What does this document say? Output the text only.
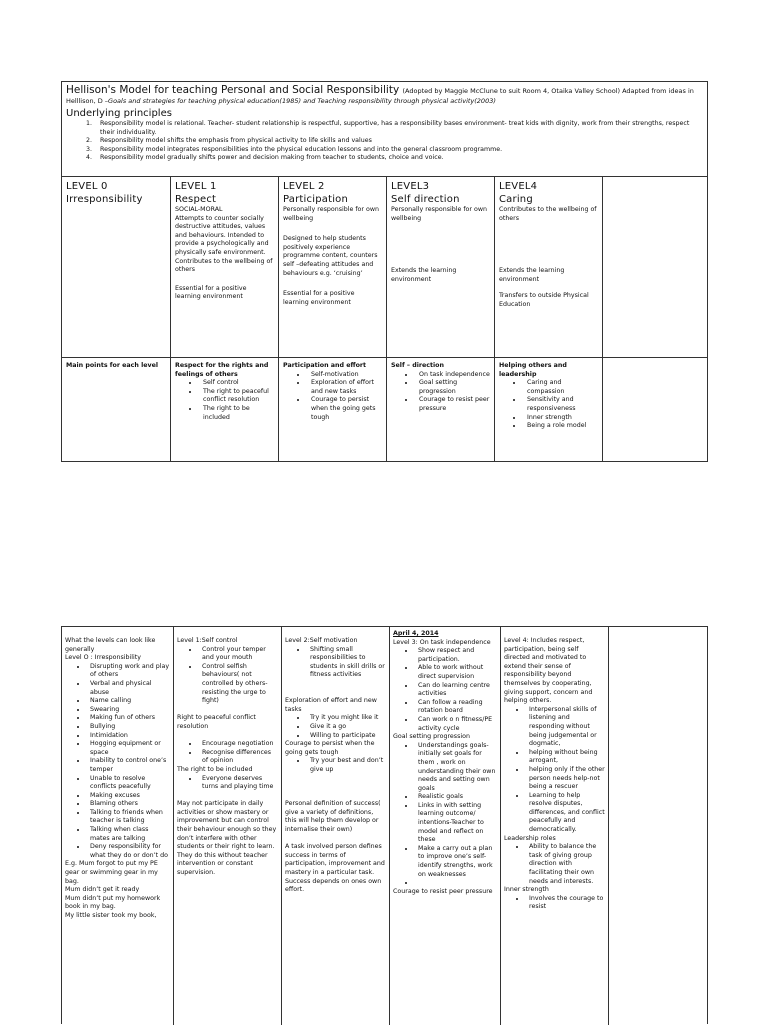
Hellison's Model for teaching Personal and Social Responsibility (Adopted by Maggie McClune to suit Room 4, Otaika Valley School) Adapted from ideas in
Helllison, D –Goals and strategies for teaching physical education(1985) and Teaching responsibility through physical activity(2003)
Underlying principles
1. Responsibility model is relational. Teacher- student relationship is respectful, supportive, has a responsibility bases environment- treat kids with dignity, work from their strengths, respect their individuality.
2. Responsibility model shifts the emphasis from physical activity to life skills and values
3. Responsibility model integrates responsibilities into the physical education lessons and into the general classroom programme.
4. Responsibility model gradually shifts power and decision making from teacher to students, choice and voice.
LEVEL 0
Irresponsibility
LEVEL 1
Respect
SOCIAL-MORAL
Attempts to counter socially destructive attitudes, values and behaviours. Intended to provide a psychologically and physically safe environment.
Contributes to the wellbeing of others
Essential for a positive learning environment
LEVEL 2
Participation
Personally responsible for own wellbeing
Designed to help students positively experience programme content, counters self –defeating attitudes and behaviours e.g. ‘cruising’
Essential for a positive learning environment
LEVEL3
Self direction
Personally responsible for own wellbeing
Extends the learning environment
LEVEL4
Caring
Contributes to the wellbeing of others
Extends the learning environment
Transfers to outside Physical Education
Main points for each level	Respect for the rights and feelings of others
• Self control
• The right to peaceful conflict resolution
• The right to be included
Participation and effort
• Self-motivation
• Exploration of effort and new tasks
• Courage to persist when the going gets tough
Self – direction
• On task independence
• Goal setting progression
• Courage to resist peer pressure
Helping others and leadership
• Caring and compassion
• Sensitivity and responsiveness
• Inner strength
• Being a role model
What the levels can look like generally
Level O : Irresponsibility
• Disrupting work and play of others
• Verbal and physical abuse
• Name calling
• Swearing
• Making fun of others
• Bullying
• Intimidation
• Hogging equipment or space
• Inability to control one’s temper
• Unable to resolve conflicts peacefully
• Making excuses
• Blaming others
• Talking to friends when teacher is talking
• Talking when class mates are talking
• Deny responsibility for what they do or don’t do
E.g. Mum forgot to put my PE gear or swimming gear in my bag.
Mum didn’t get it ready
Mum didn’t put my homework book in my bag.
My little sister took my book,
Level 1:Self control
• Control your temper and your mouth
• Control selfish behaviours( not controlled by others-resisting the urge to fight)
Right to peaceful conflict resolution
• Encourage negotiation
• Recognise differences of opinion
The right to be included
• Everyone deserves turns and playing time
May not participate in daily activities or show mastery or improvement but can control their behaviour enough so they don’t interfere with other students or their right to learn. They do this without teacher intervention or constant supervision.
Level 2:Self motivation
• Shifting small responsibilities to students in skill drills or fitness activities
Exploration of effort and new tasks
• Try it you might like it
• Give it a go
• Willing to participate
Courage to persist when the going gets tough
• Try your best and don’t give up
Personal definition of success( give a variety of definitions, this will help them develop or internalise their own)
A task involved person defines success in terms of participation, improvement and mastery in a particular task. Success depends on ones own effort.
April 4, 2014
Level 3: On task independence
• Show respect and participation.
• Able to work without direct supervision
• Can do learning centre activities
• Can follow a reading rotation board
• Can work o n fitness/PE activity cycle
Goal setting progression
• Understandings goals- initially set goals for them , work on understanding their own needs and setting own goals
• Realistic goals
• Links in with setting learning outcome/ intentions-Teacher to model and reflect on these
• Make a carry out a plan to improve one’s self- identify strengths, work on weaknesses
•
Courage to resist peer pressure
Level 4: Includes respect, participation, being self directed and motivated to extend their sense of responsibility beyond themselves by cooperating, giving support, concern and helping others.
• Interpersonal skills of listening and responding without being judgemental or dogmatic,
• helping without being arrogant,
• helping only if the other person needs help-not being a rescuer
• Learning to help resolve disputes, differences, and conflict peacefully and democratically.
Leadership roles
• Ability to balance the task of giving group direction with facilitating their own needs and interests.
Inner strength
• Involves the courage to resist
